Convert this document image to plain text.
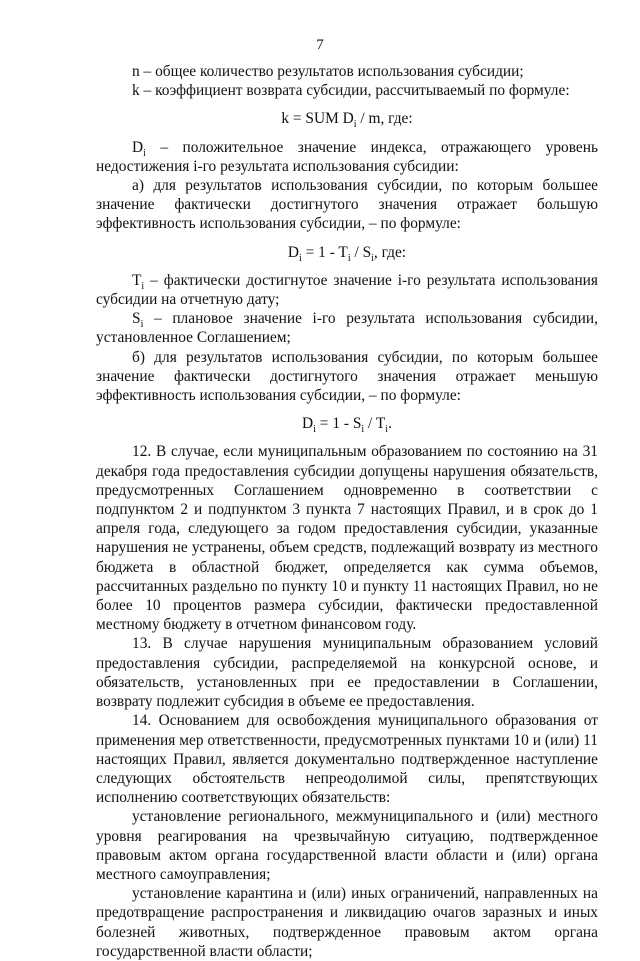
7

n – общее количество результатов использования субсидии;

k – коэффициент возврата субсидии, рассчитываемый по формуле:

k = SUM $D_i$ / m, где:

$D_i$ – положительное значение индекса, отражающего уровень недостижения i-го результата использования субсидии:

а) для результатов использования субсидии, по которым большее значение фактически достигнутого значения отражает большую эффективность использования субсидии, – по формуле:

$D_i = 1 - T_i / S_i$, где:

$T_i$ – фактически достигнутое значение i-го результата использования субсидии на отчетную дату;

$S_i$ – плановое значение i-го результата использования субсидии, установленное Соглашением;

б) для результатов использования субсидии, по которым большее значение фактически достигнутого значения отражает меньшую эффективность использования субсидии, – по формуле:

$D_i = 1 - S_i / T_i$.

12. В случае, если муниципальным образованием по состоянию на 31 декабря года предоставления субсидии допущены нарушения обязательств, предусмотренных Соглашением одновременно в соответствии с подпунктом 2 и подпунктом 3 пункта 7 настоящих Правил, и в срок до 1 апреля года, следующего за годом предоставления субсидии, указанные нарушения не устранены, объем средств, подлежащий возврату из местного бюджета в областной бюджет, определяется как сумма объемов, рассчитанных раздельно по пункту 10 и пункту 11 настоящих Правил, но не более 10 процентов размера субсидии, фактически предоставленной местному бюджету в отчетном финансовом году.

13. В случае нарушения муниципальным образованием условий предоставления субсидии, распределяемой на конкурсной основе, и обязательств, установленных при ее предоставлении в Соглашении, возврату подлежит субсидия в объеме ее предоставления.

14. Основанием для освобождения муниципального образования от применения мер ответственности, предусмотренных пунктами 10 и (или) 11 настоящих Правил, является документально подтвержденное наступление следующих обстоятельств непреодолимой силы, препятствующих исполнению соответствующих обязательств:

установление регионального, межмуниципального и (или) местного уровня реагирования на чрезвычайную ситуацию, подтвержденное правовым актом органа государственной власти области и (или) органа местного самоуправления;

установление карантина и (или) иных ограничений, направленных на предотвращение распространения и ликвидацию очагов заразных и иных болезней животных, подтвержденное правовым актом органа государственной власти области;
